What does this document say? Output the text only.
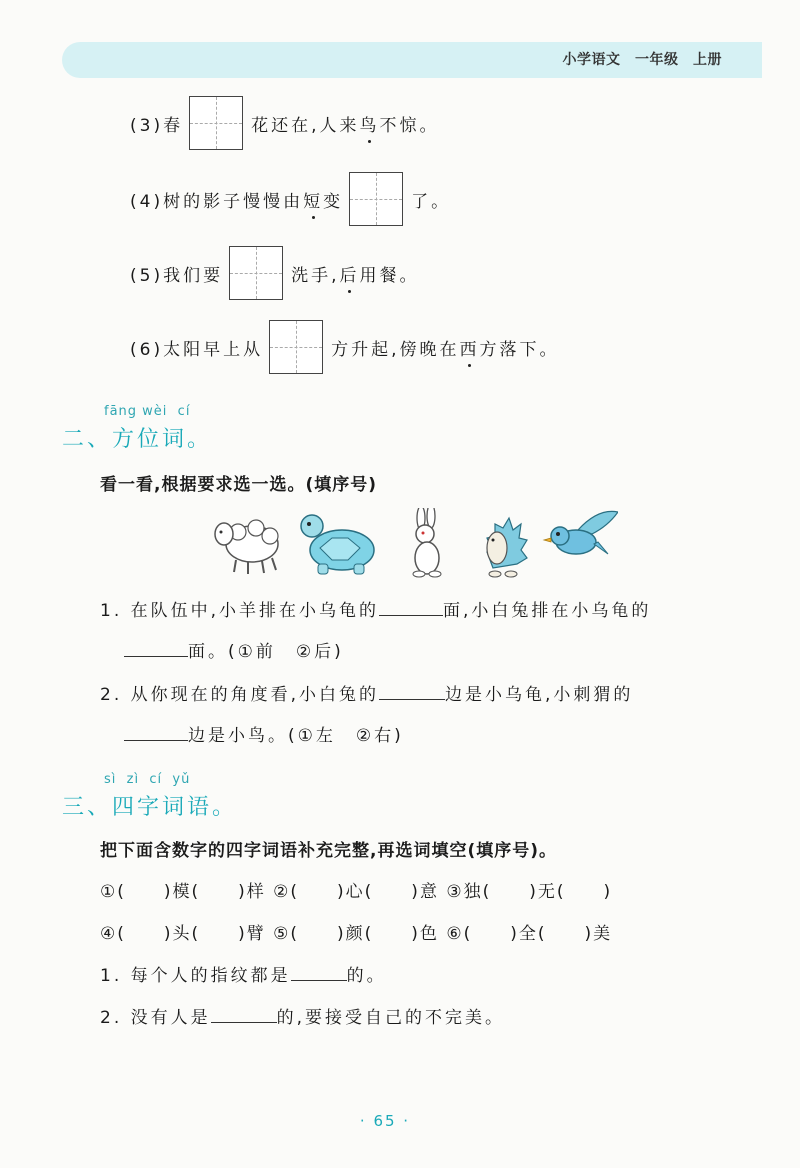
小学语文　一年级　上册
(3)春	花还在,人来 鸟 不惊。
(4)树的影子慢慢由 短 变	了。
(5)我们要	洗手, 后 用餐。
(6)太阳早上从	方升起,傍晚在 西 方落下。
fāng wèi  cí
二、方位词。
看一看,根据要求选一选。(填序号)
1. 在队伍中,小羊排在小乌龟的	面,小白兔排在小乌龟的
面。(①前　②后)
2. 从你现在的角度看,小白兔的	边是小乌龟,小刺猬的
边是小鸟。(①左　②右)
sì  zì  cí  yǔ
三、四字词语。
把下面含数字的四字词语补充完整,再选词填空(填序号)。
①(　　)模(　　)样 ②(　　)心(　　)意 ③独(　　)无(　　)
④(　　)头(　　)臂 ⑤(　　)颜(　　)色 ⑥(　　)全(　　)美
1. 每个人的指纹都是	的。
2. 没有人是	的,要接受自己的不完美。
· 65 ·
